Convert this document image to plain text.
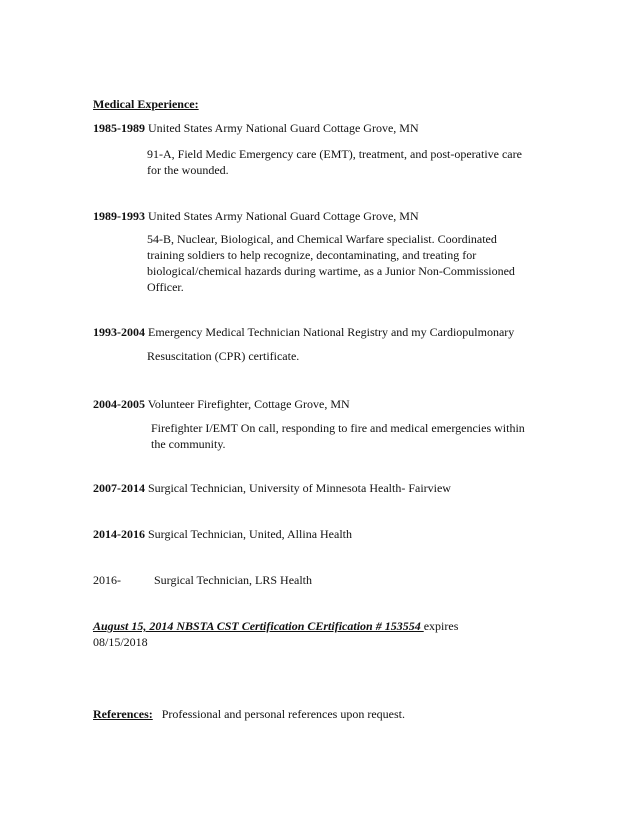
Medical Experience:
1985-1989 United States Army National Guard Cottage Grove, MN
91-A, Field Medic Emergency care (EMT), treatment, and post-operative care
for the wounded.
1989-1993 United States Army National Guard Cottage Grove, MN
54-B, Nuclear, Biological, and Chemical Warfare specialist. Coordinated
training soldiers to help recognize, decontaminating, and treating for
biological/chemical hazards during wartime, as a Junior Non-Commissioned
Officer.
1993-2004 Emergency Medical Technician National Registry and my Cardiopulmonary
Resuscitation (CPR) certificate.
2004-2005 Volunteer Firefighter, Cottage Grove, MN
Firefighter I/EMT On call, responding to fire and medical emergencies within
the community.
2007-2014 Surgical Technician, University of Minnesota Health- Fairview
2014-2016 Surgical Technician, United, Allina Health
2016-	Surgical Technician, LRS Health
August 15, 2014 NBSTA CST Certification CErtification # 153554 expires
08/15/2018
References: Professional and personal references upon request.
